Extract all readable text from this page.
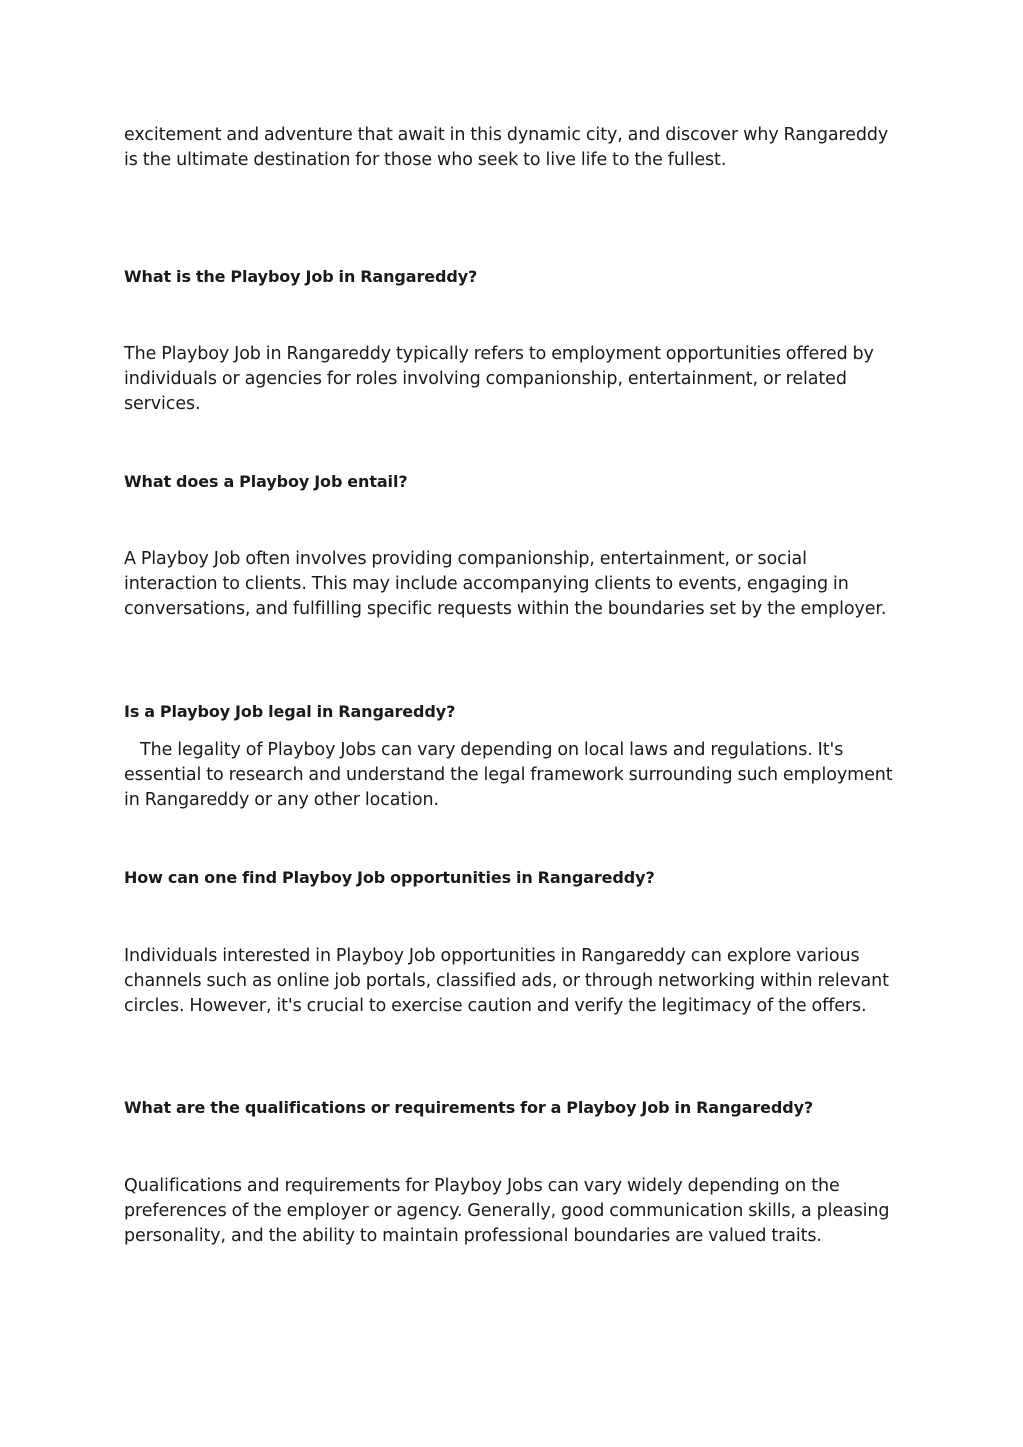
excitement and adventure that await in this dynamic city, and discover why Rangareddy is the ultimate destination for those who seek to live life to the fullest.

What is the Playboy Job in Rangareddy?

The Playboy Job in Rangareddy typically refers to employment opportunities offered by individuals or agencies for roles involving companionship, entertainment, or related services.

What does a Playboy Job entail?

A Playboy Job often involves providing companionship, entertainment, or social interaction to clients. This may include accompanying clients to events, engaging in conversations, and fulfilling specific requests within the boundaries set by the employer.

Is a Playboy Job legal in Rangareddy?

The legality of Playboy Jobs can vary depending on local laws and regulations. It's essential to research and understand the legal framework surrounding such employment in Rangareddy or any other location.

How can one find Playboy Job opportunities in Rangareddy?

Individuals interested in Playboy Job opportunities in Rangareddy can explore various channels such as online job portals, classified ads, or through networking within relevant circles. However, it's crucial to exercise caution and verify the legitimacy of the offers.

What are the qualifications or requirements for a Playboy Job in Rangareddy?

Qualifications and requirements for Playboy Jobs can vary widely depending on the preferences of the employer or agency. Generally, good communication skills, a pleasing personality, and the ability to maintain professional boundaries are valued traits.
